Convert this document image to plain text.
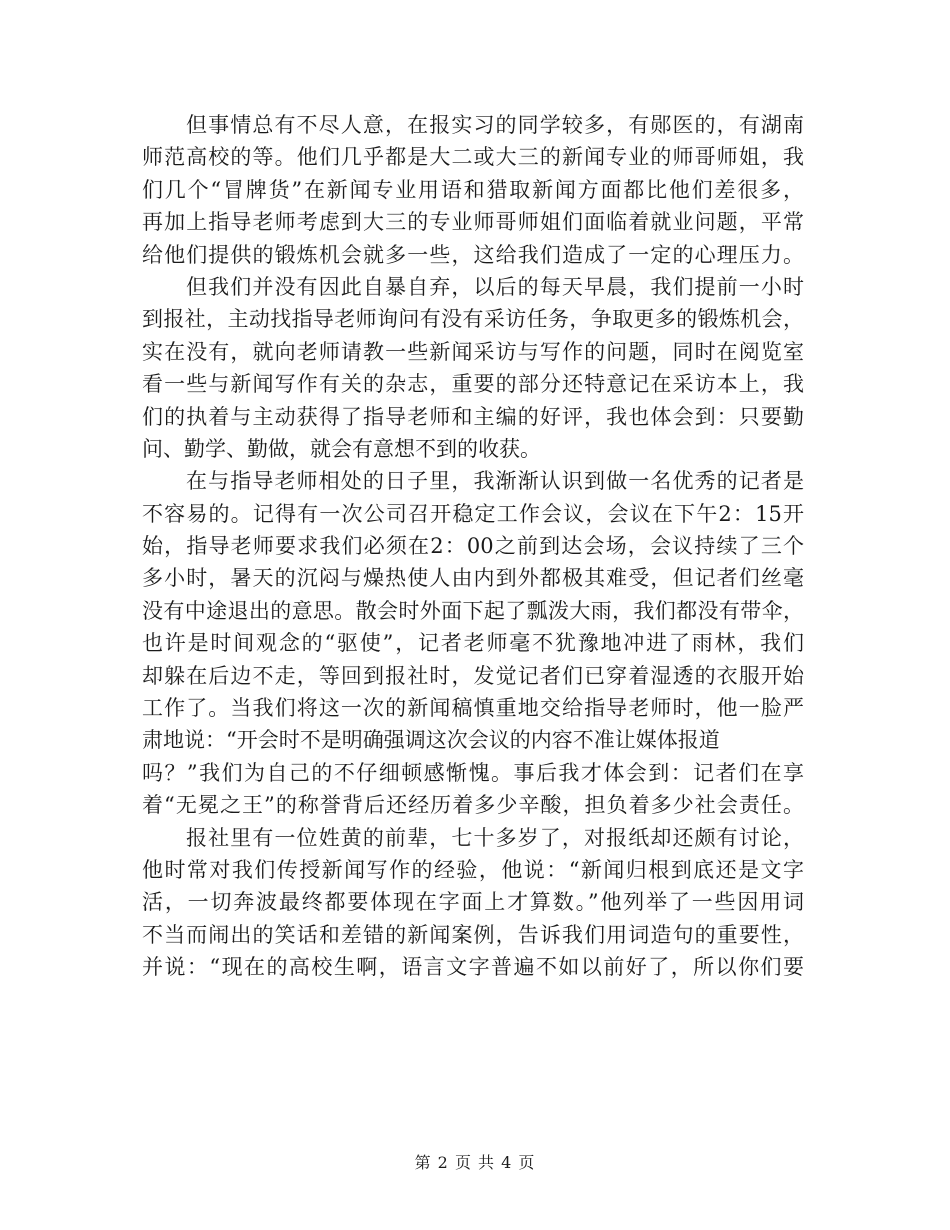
但事情总有不尽人意，在报实习的同学较多，有郧医的，有湖南
师范高校的等。他们几乎都是大二或大三的新闻专业的师哥师姐，我
们几个“冒牌货”在新闻专业用语和猎取新闻方面都比他们差很多，
再加上指导老师考虑到大三的专业师哥师姐们面临着就业问题，平常
给他们提供的锻炼机会就多一些，这给我们造成了一定的心理压力。
但我们并没有因此自暴自弃，以后的每天早晨，我们提前一小时
到报社，主动找指导老师询问有没有采访任务，争取更多的锻炼机会，
实在没有，就向老师请教一些新闻采访与写作的问题，同时在阅览室
看一些与新闻写作有关的杂志，重要的部分还特意记在采访本上，我
们的执着与主动获得了指导老师和主编的好评，我也体会到：只要勤
问、勤学、勤做，就会有意想不到的收获。
在与指导老师相处的日子里，我渐渐认识到做一名优秀的记者是
不容易的。记得有一次公司召开稳定工作会议，会议在下午2：15开
始，指导老师要求我们必须在2：00之前到达会场，会议持续了三个
多小时，暑天的沉闷与燥热使人由内到外都极其难受，但记者们丝毫
没有中途退出的意思。散会时外面下起了瓢泼大雨，我们都没有带伞，
也许是时间观念的“驱使”，记者老师毫不犹豫地冲进了雨林，我们
却躲在后边不走，等回到报社时，发觉记者们已穿着湿透的衣服开始
工作了。当我们将这一次的新闻稿慎重地交给指导老师时，他一脸严
肃地说：“开会时不是明确强调这次会议的内容不准让媒体报道
吗？”我们为自己的不仔细顿感惭愧。事后我才体会到：记者们在享
着“无冕之王”的称誉背后还经历着多少辛酸，担负着多少社会责任。
报社里有一位姓黄的前辈，七十多岁了，对报纸却还颇有讨论，
他时常对我们传授新闻写作的经验，他说：“新闻归根到底还是文字
活，一切奔波最终都要体现在字面上才算数。”他列举了一些因用词
不当而闹出的笑话和差错的新闻案例，告诉我们用词造句的重要性，
并说：“现在的高校生啊，语言文字普遍不如以前好了，所以你们要
第 2 页 共 4 页
